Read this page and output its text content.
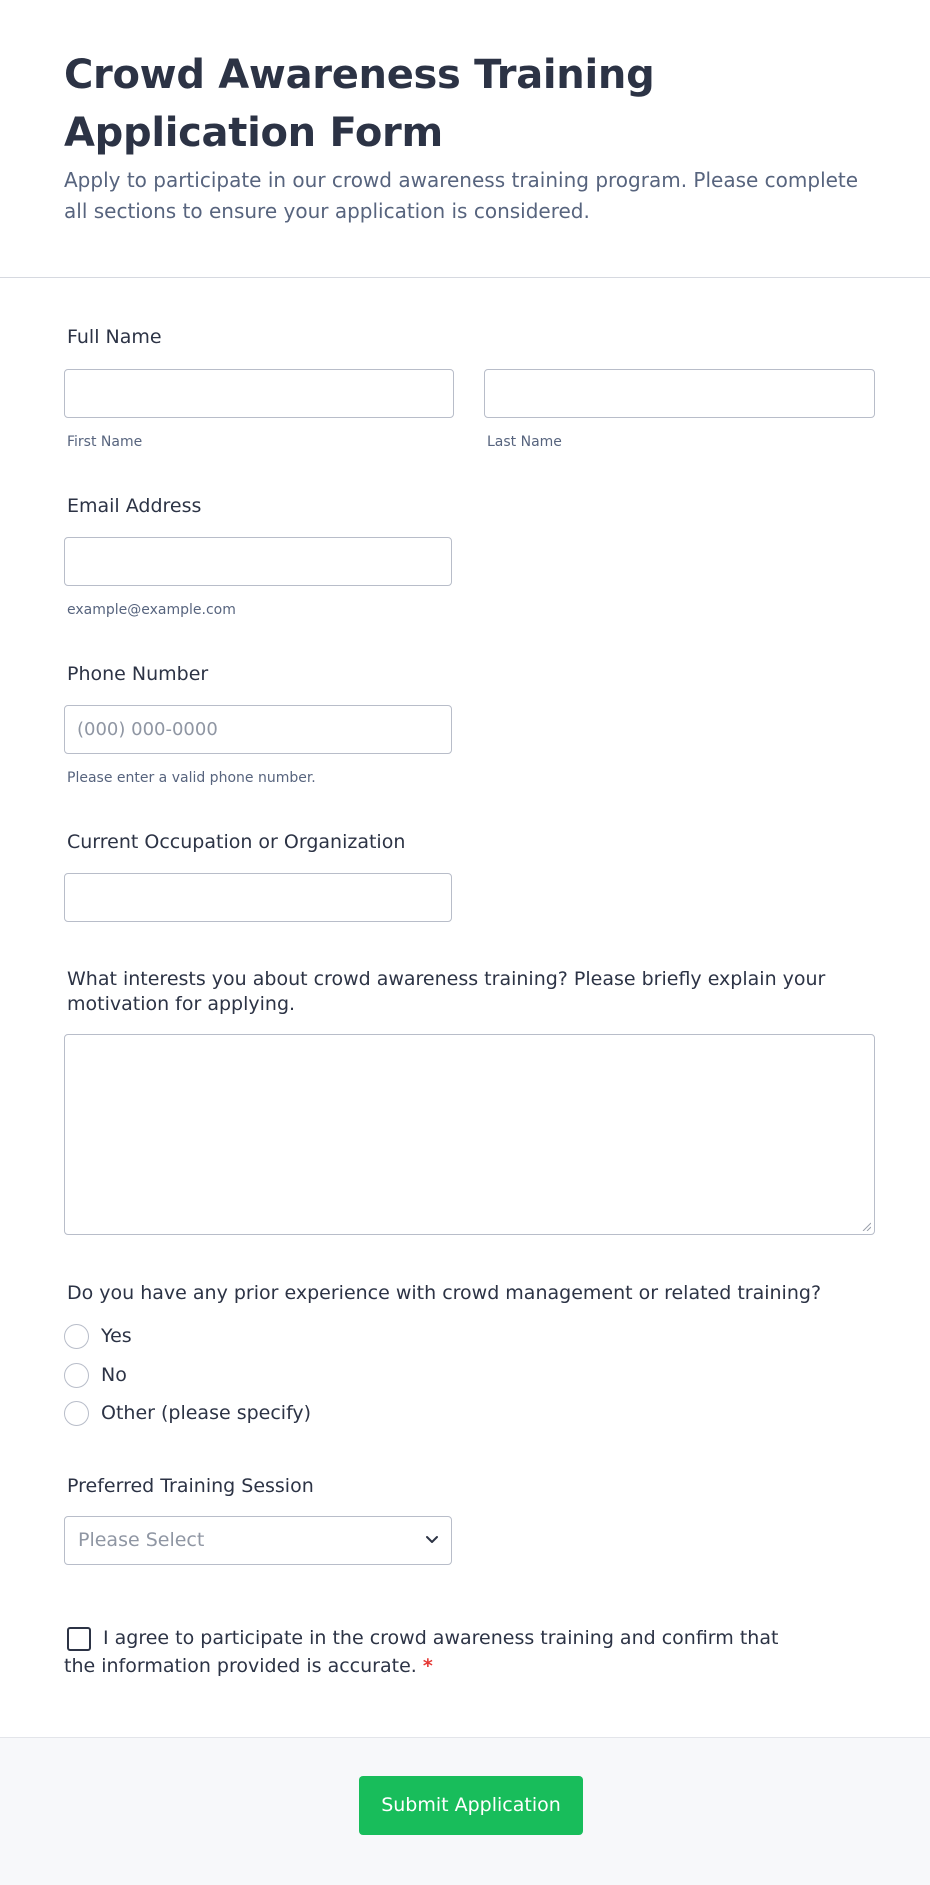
Crowd Awareness Training Application Form

Apply to participate in our crowd awareness training program. Please complete all sections to ensure your application is considered.

Full Name
First Name	Last Name
Email Address
example@example.com
Phone Number
(000) 000-0000
Please enter a valid phone number.
Current Occupation or Organization
What interests you about crowd awareness training? Please briefly explain your motivation for applying.
Do you have any prior experience with crowd management or related training?
Yes
No
Other (please specify)
Preferred Training Session
Please Select
I agree to participate in the crowd awareness training and confirm that the information provided is accurate. *
Submit Application
